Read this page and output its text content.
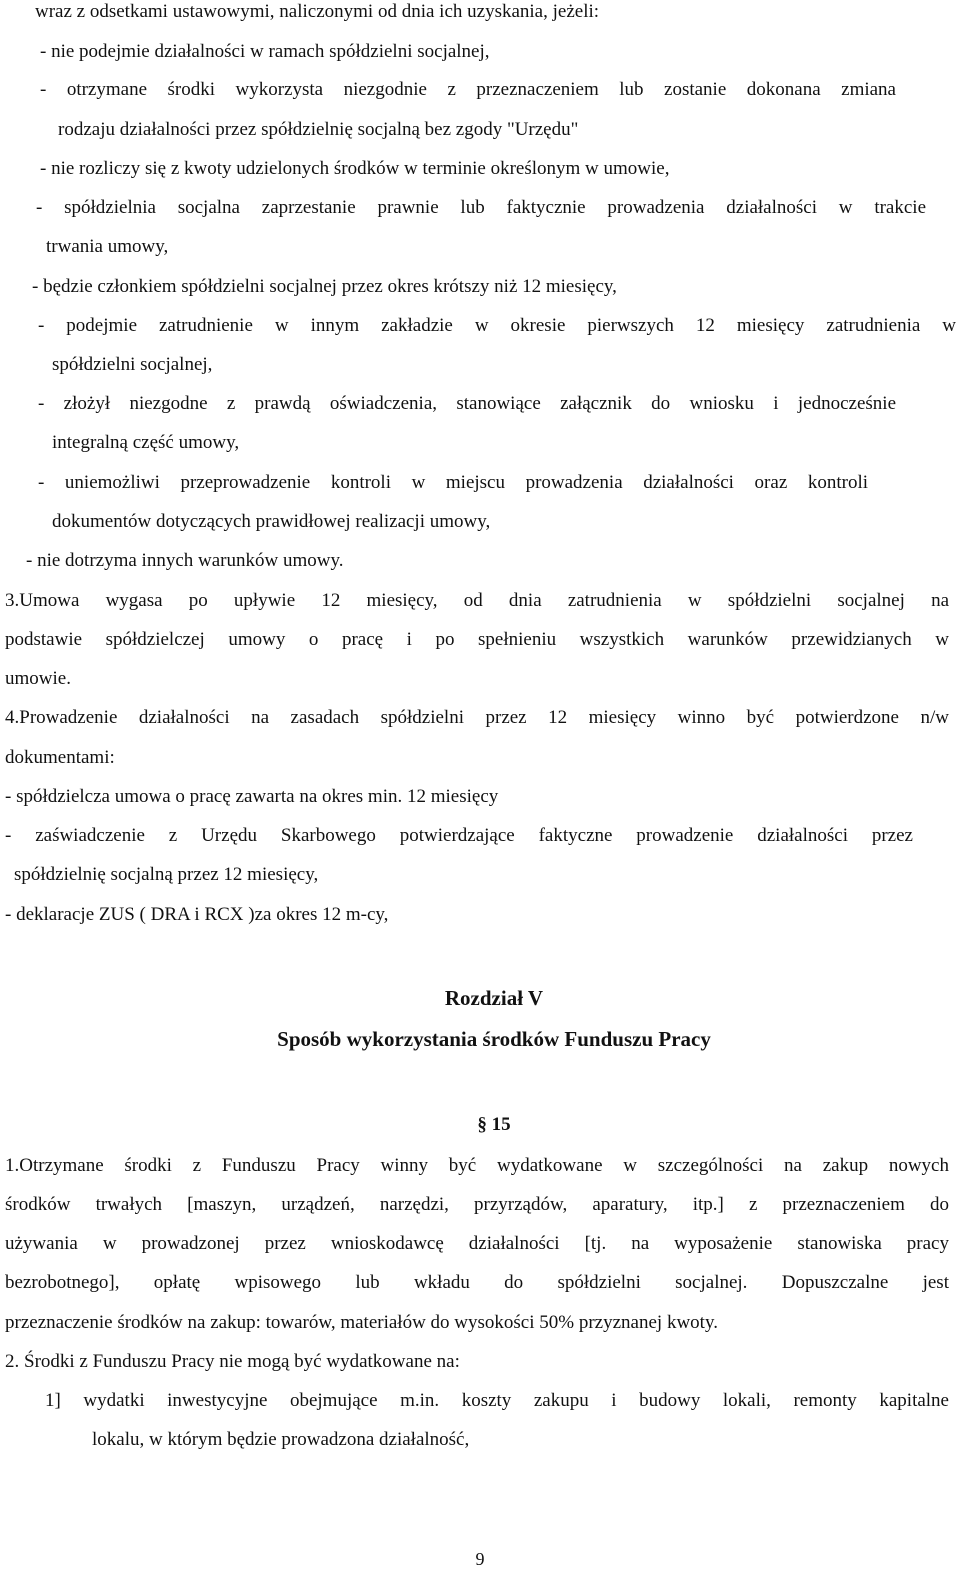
wraz z odsetkami ustawowymi, naliczonymi od dnia ich uzyskania, jeżeli:
- nie podejmie działalności w ramach spółdzielni socjalnej,
- otrzymane środki wykorzysta niezgodnie z przeznaczeniem lub zostanie dokonana zmiana
rodzaju działalności przez spółdzielnię socjalną bez zgody "Urzędu"
- nie rozliczy się z kwoty udzielonych środków w terminie określonym w umowie,
- spółdzielnia socjalna zaprzestanie prawnie lub faktycznie prowadzenia działalności w trakcie
trwania umowy,
- będzie członkiem spółdzielni socjalnej przez okres krótszy niż 12 miesięcy,
- podejmie zatrudnienie w innym zakładzie w okresie pierwszych 12 miesięcy zatrudnienia w
spółdzielni socjalnej,
- złożył niezgodne z prawdą oświadczenia, stanowiące załącznik do wniosku i jednocześnie
integralną część umowy,
- uniemożliwi przeprowadzenie kontroli w miejscu prowadzenia działalności oraz kontroli
dokumentów dotyczących prawidłowej realizacji umowy,
- nie dotrzyma innych warunków umowy.
3.Umowa wygasa po upływie 12 miesięcy, od dnia zatrudnienia w spółdzielni socjalnej na
podstawie spółdzielczej umowy o pracę i po spełnieniu wszystkich warunków przewidzianych w
umowie.
4.Prowadzenie działalności na zasadach spółdzielni przez 12 miesięcy winno być potwierdzone n/w
dokumentami:
- spółdzielcza umowa o pracę zawarta na okres min. 12 miesięcy
- zaświadczenie z Urzędu Skarbowego potwierdzające faktyczne prowadzenie działalności przez
spółdzielnię socjalną przez 12 miesięcy,
- deklaracje ZUS ( DRA i RCX )za okres 12 m-cy,
Rozdział V
Sposób wykorzystania środków Funduszu Pracy
§ 15
1.Otrzymane środki z Funduszu Pracy winny być wydatkowane w szczególności na zakup nowych
środków trwałych [maszyn, urządzeń, narzędzi, przyrządów, aparatury, itp.] z przeznaczeniem do
używania w prowadzonej przez wnioskodawcę działalności [tj. na wyposażenie stanowiska pracy
bezrobotnego], opłatę wpisowego lub wkładu do spółdzielni socjalnej. Dopuszczalne jest
przeznaczenie środków na zakup: towarów, materiałów do wysokości 50% przyznanej kwoty.
2. Środki z Funduszu Pracy nie mogą być wydatkowane na:
1] wydatki inwestycyjne obejmujące m.in. koszty zakupu i budowy lokali, remonty kapitalne
lokalu, w którym będzie prowadzona działalność,
9
